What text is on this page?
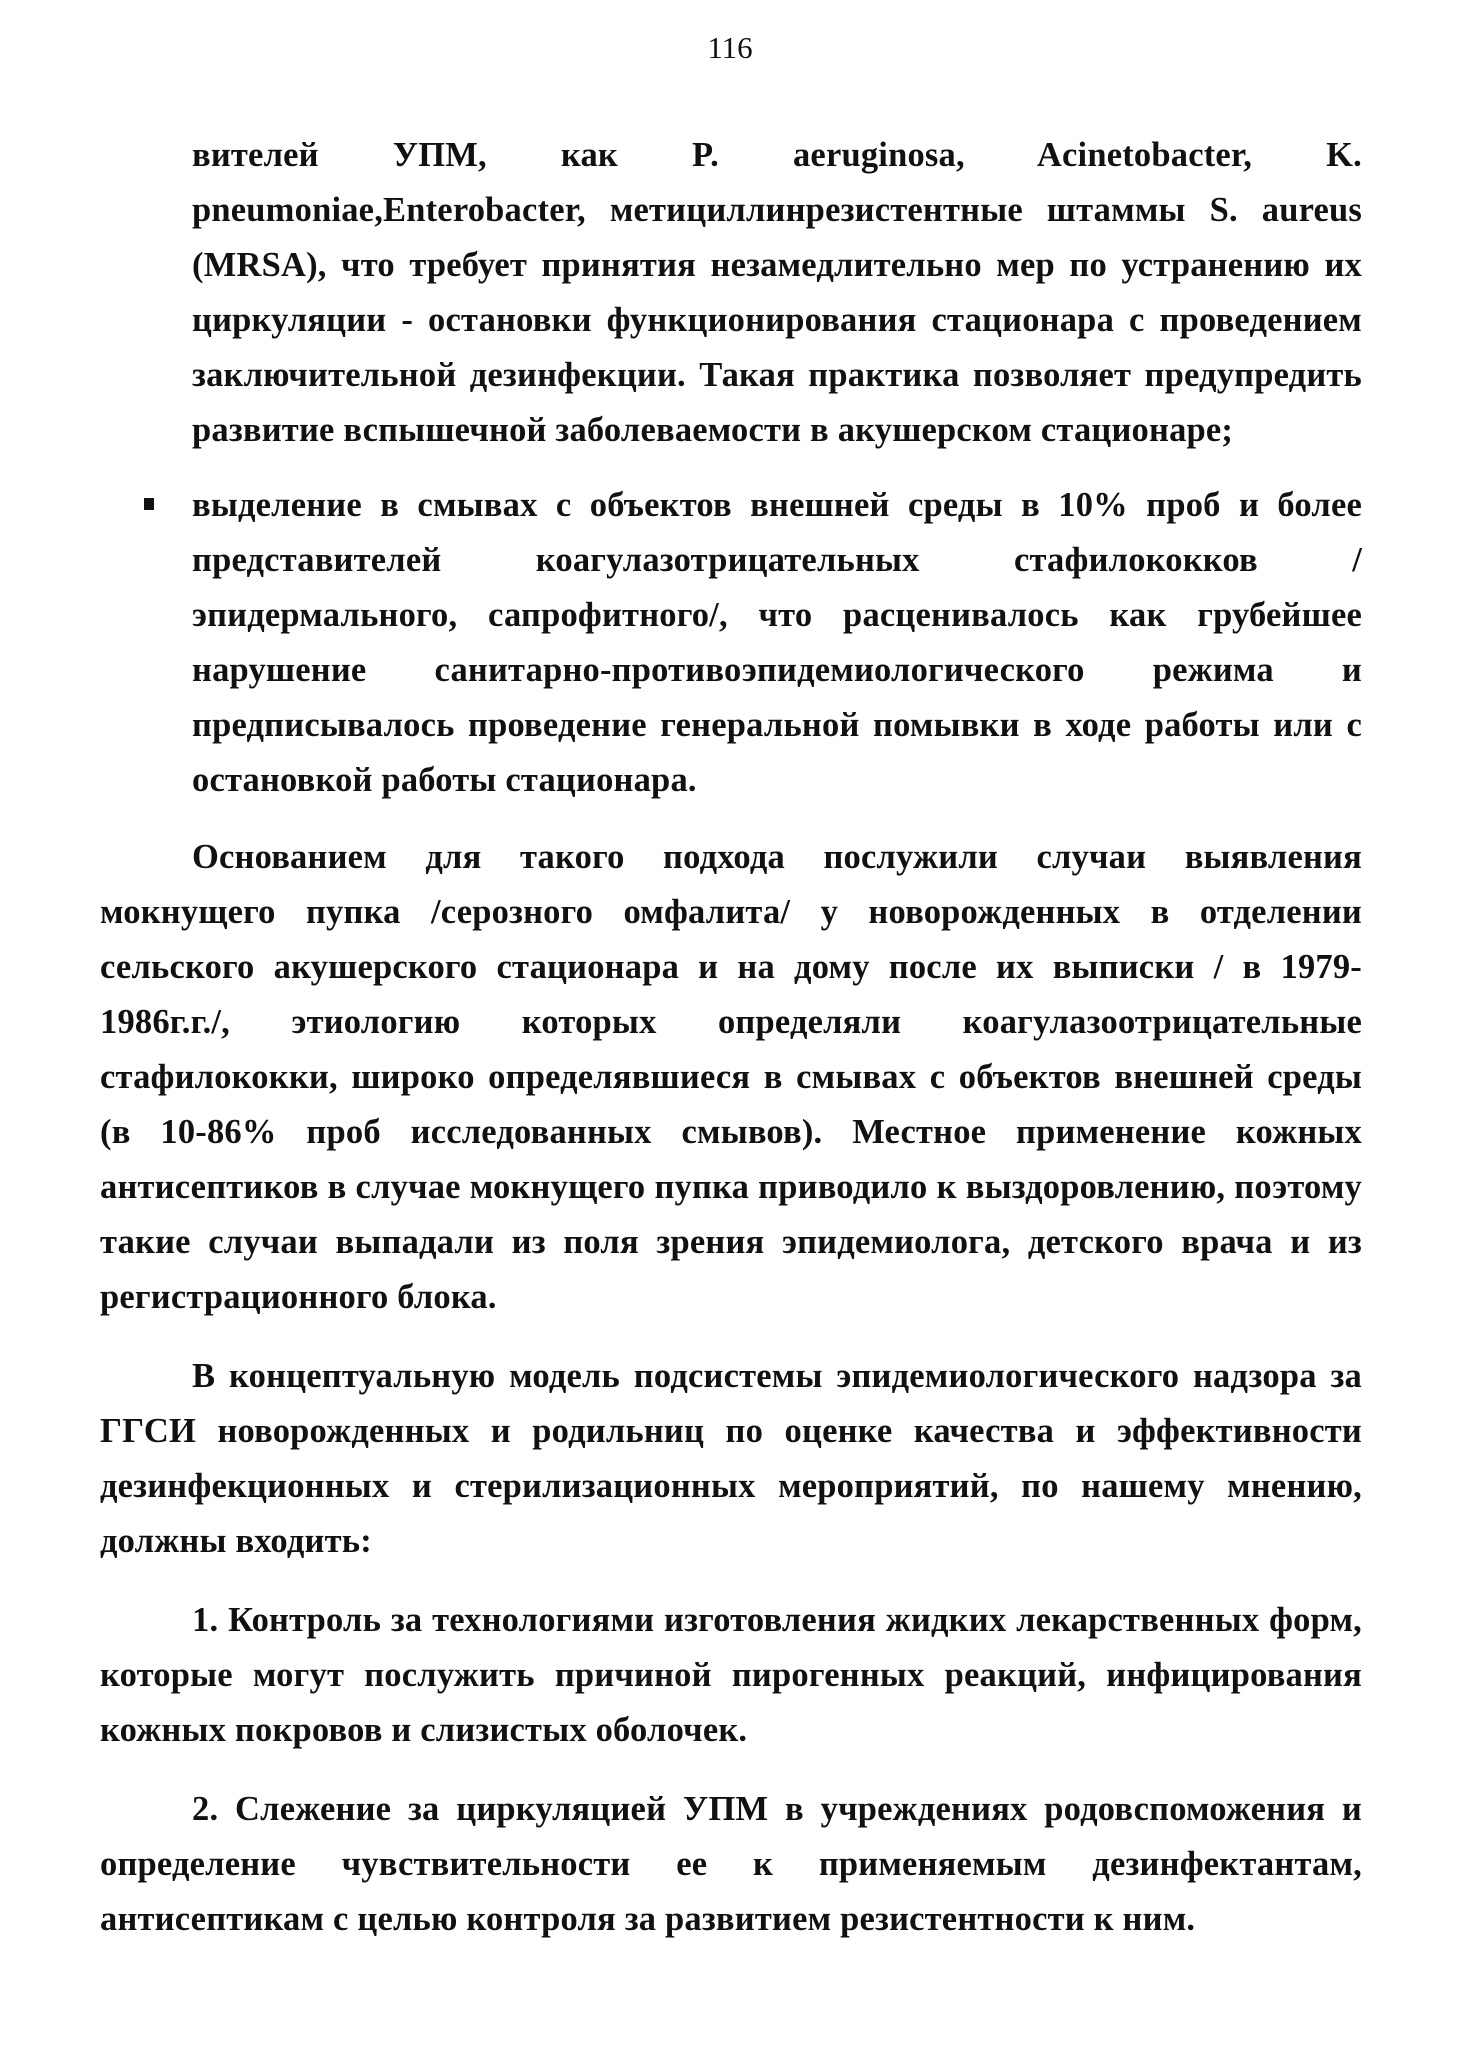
116

вителей УПМ, как P. aeruginosa, Acinetobacter, K. pneumoniae,Enterobacter, метициллинрезистентные штаммы S. aureus (MRSA), что требует принятия незамедлительно мер по устранению их циркуляции - остановки функционирования стационара с проведением заключительной дезинфекции. Такая практика позволяет предупредить развитие вспышечной заболеваемости в акушерском стационаре;

выделение в смывах с объектов внешней среды в 10% проб и более представителей коагулазотрицательных стафилококков /эпидермального, сапрофитного/, что расценивалось как грубейшее нарушение санитарно-противоэпидемиологического режима и предписывалось проведение генеральной помывки в ходе работы или с остановкой работы стационара.

Основанием для такого подхода послужили случаи выявления мокнущего пупка /серозного омфалита/ у новорожденных в отделении сельского акушерского стационара и на дому после их выписки / в 1979-1986г.г./, этиологию которых определяли коагулазоотрицательные стафилококки, широко определявшиеся в смывах с объектов внешней среды (в 10-86% проб исследованных смывов). Местное применение кожных антисептиков в случае мокнущего пупка приводило к выздоровлению, поэтому такие случаи выпадали из поля зрения эпидемиолога, детского врача и из регистрационного блока.

В концептуальную модель подсистемы эпидемиологического надзора за ГГСИ новорожденных и родильниц по оценке качества и эффективности дезинфекционных и стерилизационных мероприятий, по нашему мнению, должны входить:

1. Контроль за технологиями изготовления жидких лекарственных форм, которые могут послужить причиной пирогенных реакций, инфицирования кожных покровов и слизистых оболочек.

2. Слежение за циркуляцией УПМ в учреждениях родовспоможения и определение чувствительности ее к применяемым дезинфектантам, антисептикам с целью контроля за развитием резистентности к ним.
